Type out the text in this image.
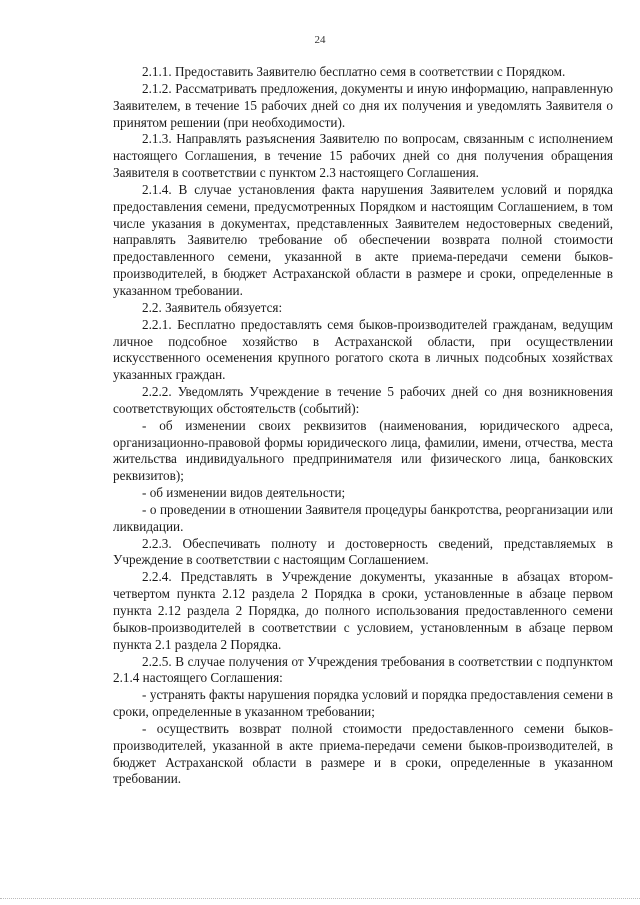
24

2.1.1. Предоставить Заявителю бесплатно семя в соответствии с Порядком.

2.1.2. Рассматривать предложения, документы и иную информацию, направленную Заявителем, в течение 15 рабочих дней со дня их получения и уведомлять Заявителя о принятом решении (при необходимости).

2.1.3. Направлять разъяснения Заявителю по вопросам, связанным с исполнением настоящего Соглашения, в течение 15 рабочих дней со дня получения обращения Заявителя в соответствии с пунктом 2.3 настоящего Соглашения.

2.1.4. В случае установления факта нарушения Заявителем условий и порядка предоставления семени, предусмотренных Порядком и настоящим Соглашением, в том числе указания в документах, представленных Заявителем недостоверных сведений, направлять Заявителю требование об обеспечении возврата полной стоимости предоставленного семени, указанной в акте приема-передачи семени быков-производителей, в бюджет Астраханской области в размере и сроки, определенные в указанном требовании.

2.2. Заявитель обязуется:

2.2.1. Бесплатно предоставлять семя быков-производителей гражданам, ведущим личное подсобное хозяйство в Астраханской области, при осуществлении искусственного осеменения крупного рогатого скота в личных подсобных хозяйствах указанных граждан.

2.2.2. Уведомлять Учреждение в течение 5 рабочих дней со дня возникновения соответствующих обстоятельств (событий):

- об изменении своих реквизитов (наименования, юридического адреса, организационно-правовой формы юридического лица, фамилии, имени, отчества, места жительства индивидуального предпринимателя или физического лица, банковских реквизитов);

- об изменении видов деятельности;

- о проведении в отношении Заявителя процедуры банкротства, реорганизации или ликвидации.

2.2.3. Обеспечивать полноту и достоверность сведений, представляемых в Учреждение в соответствии с настоящим Соглашением.

2.2.4. Представлять в Учреждение документы, указанные в абзацах втором-четвертом пункта 2.12 раздела 2 Порядка в сроки, установленные в абзаце первом пункта 2.12 раздела 2 Порядка, до полного использования предоставленного семени быков-производителей в соответствии с условием, установленным в абзаце первом пункта 2.1 раздела 2 Порядка.

2.2.5. В случае получения от Учреждения требования в соответствии с подпунктом 2.1.4 настоящего Соглашения:

- устранять факты нарушения порядка условий и порядка предоставления семени в сроки, определенные в указанном требовании;

- осуществить возврат полной стоимости предоставленного семени быков-производителей, указанной в акте приема-передачи семени быков-производителей, в бюджет Астраханской области в размере и в сроки, определенные в указанном требовании.
